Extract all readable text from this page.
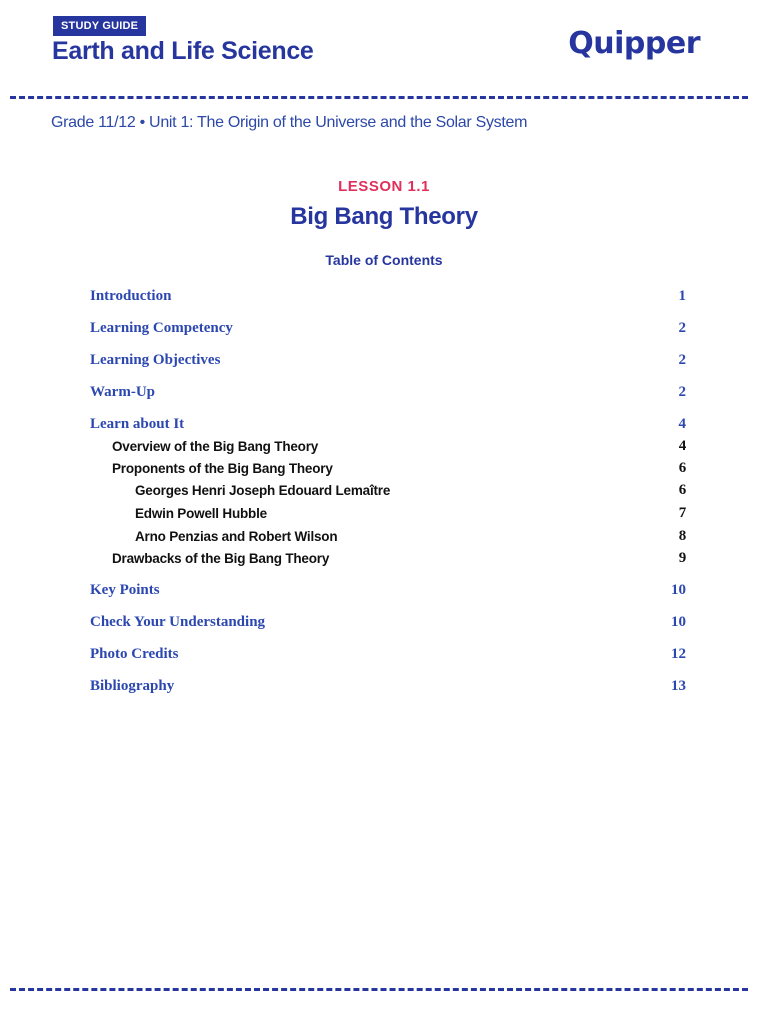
STUDY GUIDE
Earth and Life Science	Quipper
Grade 11/12 • Unit 1: The Origin of the Universe and the Solar System
LESSON 1.1
Big Bang Theory
Table of Contents
Introduction	1
Learning Competency	2
Learning Objectives	2
Warm-Up	2
Learn about It	4
Overview of the Big Bang Theory	4
Proponents of the Big Bang Theory	6
Georges Henri Joseph Edouard Lemaître	6
Edwin Powell Hubble	7
Arno Penzias and Robert Wilson	8
Drawbacks of the Big Bang Theory	9
Key Points	10
Check Your Understanding	10
Photo Credits	12
Bibliography	13
